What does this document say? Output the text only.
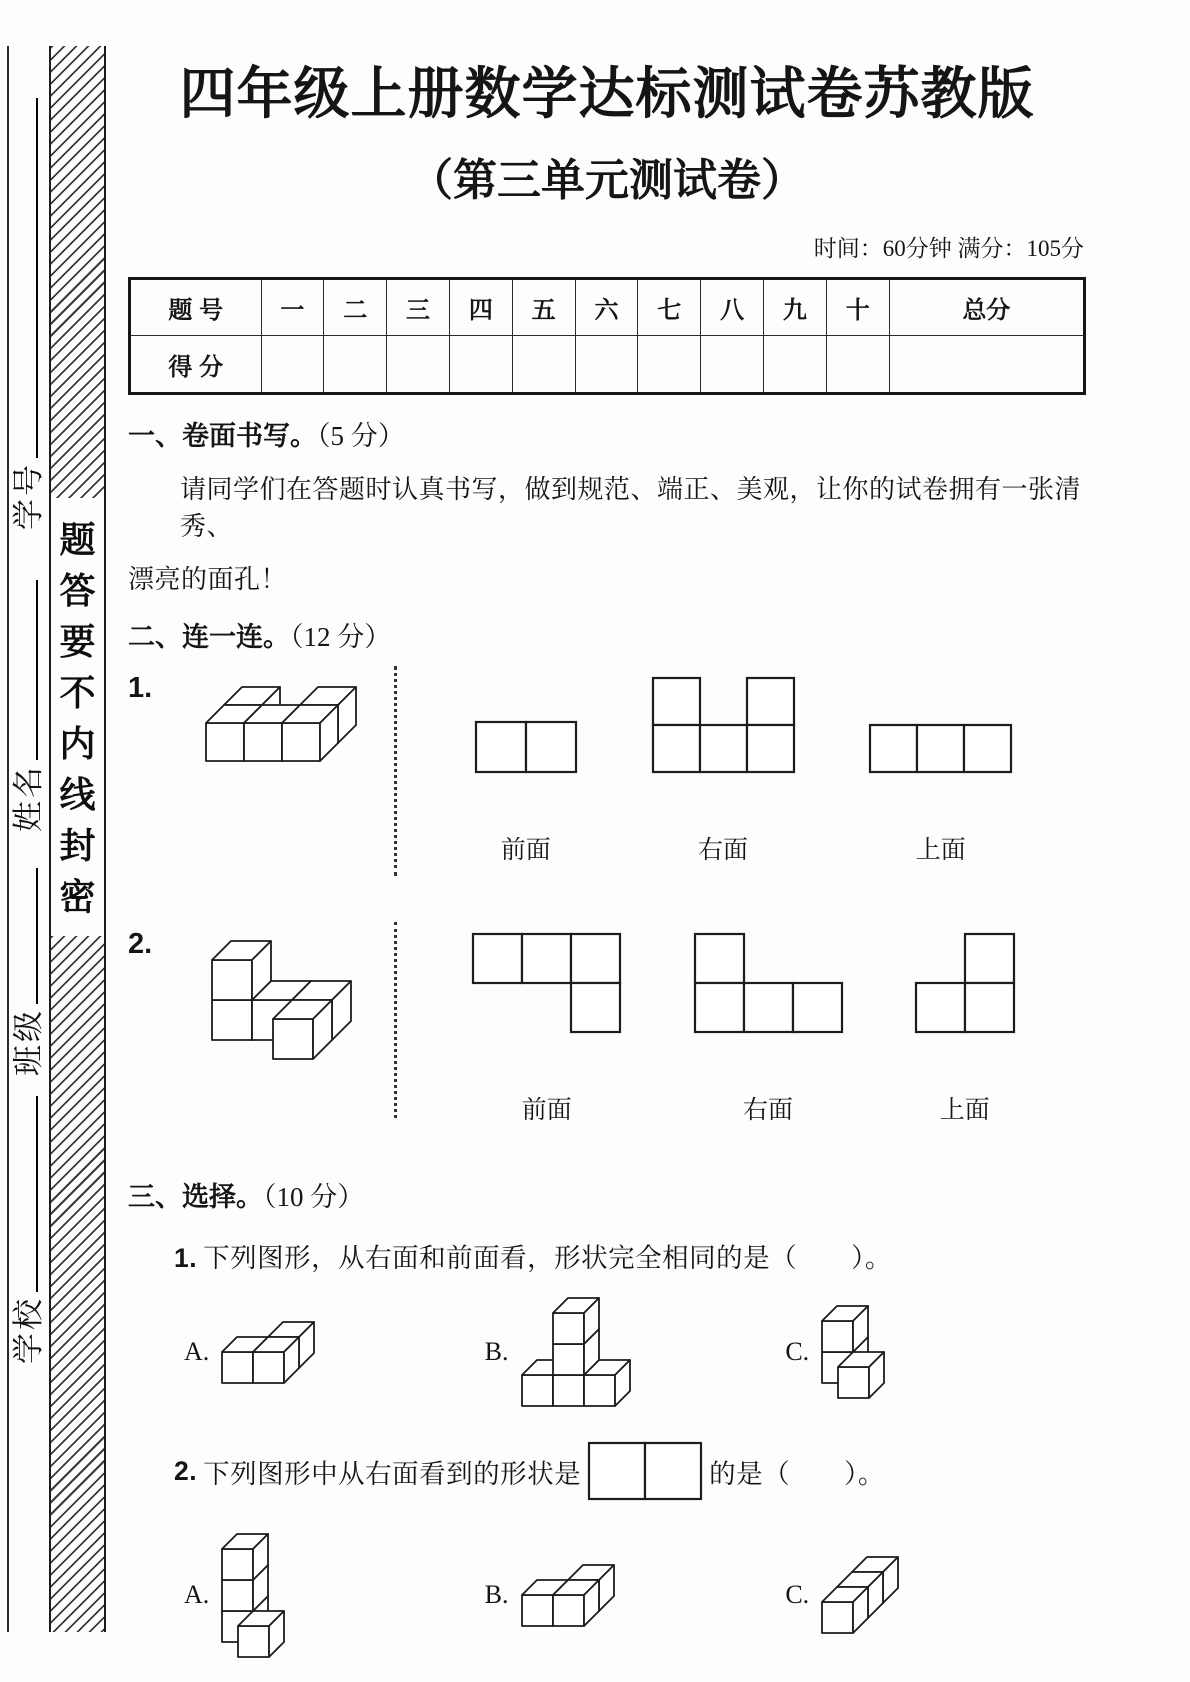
学号
姓名
班级
学校
题
答
要
不
内
线
封
密
四年级上册数学达标测试卷苏教版
（第三单元测试卷）
时间：60分钟 满分：105分
题 号	一	二	三	四	五	六	七	八	九	十	总分
得 分											
一、卷面书写。（5 分）
请同学们在答题时认真书写，做到规范、端正、美观，让你的试卷拥有一张清秀、
漂亮的面孔！
二、连一连。（12 分）
1.
前面	右面	上面
2.
前面	右面	上面
三、选择。（10 分）
1. 下列图形，从右面和前面看，形状完全相同的是（　　）。
A.	B.	C.
2. 下列图形中从右面看到的形状是	的是（　　）。
A.	B.	C.
